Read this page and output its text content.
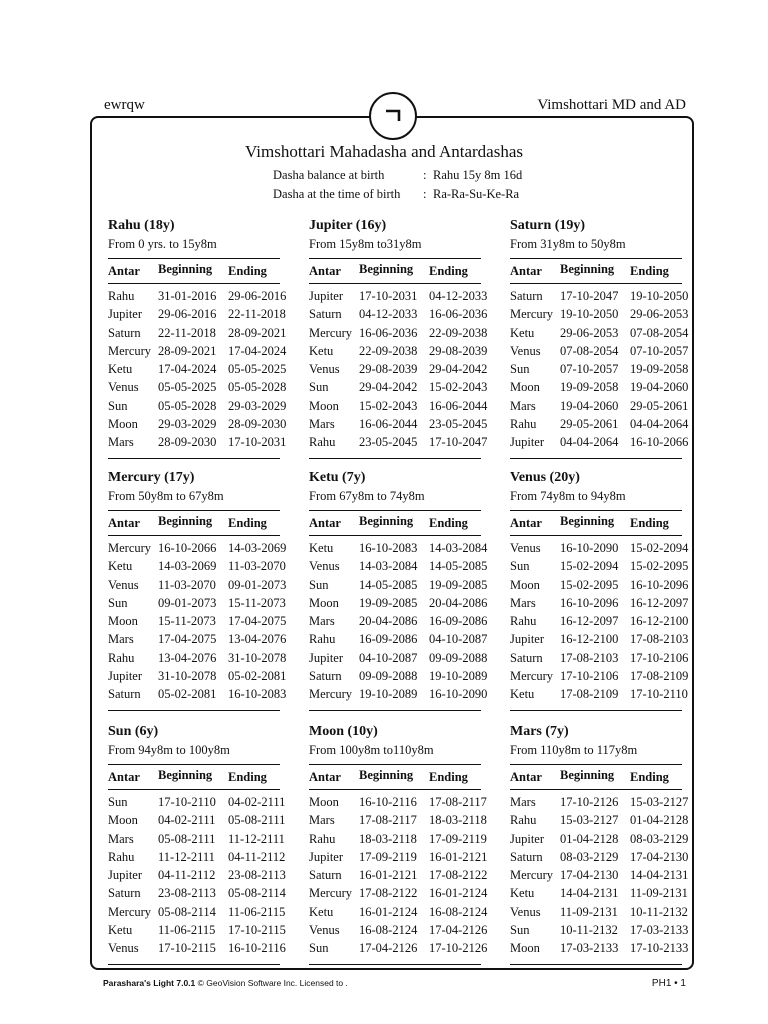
ewrqw	Vimshottari MD and AD
Vimshottari Mahadasha and Antardashas
Dasha balance at birth	: Rahu 15y 8m 16d
Dasha at the time of birth : Ra-Ra-Su-Ke-Ra
Rahu (18y)
From 0 yrs. to 15y8m
Antar Beginning Ending
Rahu 31-01-2016 29-06-2016
Jupiter 29-06-2016 22-11-2018
Saturn 22-11-2018 28-09-2021
Mercury 28-09-2021 17-04-2024
Ketu 17-04-2024 05-05-2025
Venus 05-05-2025 05-05-2028
Sun 05-05-2028 29-03-2029
Moon 29-03-2029 28-09-2030
Mars 28-09-2030 17-10-2031
Jupiter (16y)
From 15y8m to31y8m
Antar Beginning Ending
Jupiter 17-10-2031 04-12-2033
Saturn 04-12-2033 16-06-2036
Mercury 16-06-2036 22-09-2038
Ketu 22-09-2038 29-08-2039
Venus 29-08-2039 29-04-2042
Sun 29-04-2042 15-02-2043
Moon 15-02-2043 16-06-2044
Mars 16-06-2044 23-05-2045
Rahu 23-05-2045 17-10-2047
Saturn (19y)
From 31y8m to 50y8m
Antar Beginning Ending
Saturn 17-10-2047 19-10-2050
Mercury 19-10-2050 29-06-2053
Ketu 29-06-2053 07-08-2054
Venus 07-08-2054 07-10-2057
Sun 07-10-2057 19-09-2058
Moon 19-09-2058 19-04-2060
Mars 19-04-2060 29-05-2061
Rahu 29-05-2061 04-04-2064
Jupiter 04-04-2064 16-10-2066
Mercury (17y)
From 50y8m to 67y8m
Antar Beginning Ending
Mercury 16-10-2066 14-03-2069
Ketu 14-03-2069 11-03-2070
Venus 11-03-2070 09-01-2073
Sun 09-01-2073 15-11-2073
Moon 15-11-2073 17-04-2075
Mars 17-04-2075 13-04-2076
Rahu 13-04-2076 31-10-2078
Jupiter 31-10-2078 05-02-2081
Saturn 05-02-2081 16-10-2083
Ketu (7y)
From 67y8m to 74y8m
Antar Beginning Ending
Ketu 16-10-2083 14-03-2084
Venus 14-03-2084 14-05-2085
Sun 14-05-2085 19-09-2085
Moon 19-09-2085 20-04-2086
Mars 20-04-2086 16-09-2086
Rahu 16-09-2086 04-10-2087
Jupiter 04-10-2087 09-09-2088
Saturn 09-09-2088 19-10-2089
Mercury 19-10-2089 16-10-2090
Venus (20y)
From 74y8m to 94y8m
Antar Beginning Ending
Venus 16-10-2090 15-02-2094
Sun 15-02-2094 15-02-2095
Moon 15-02-2095 16-10-2096
Mars 16-10-2096 16-12-2097
Rahu 16-12-2097 16-12-2100
Jupiter 16-12-2100 17-08-2103
Saturn 17-08-2103 17-10-2106
Mercury 17-10-2106 17-08-2109
Ketu 17-08-2109 17-10-2110
Sun (6y)
From 94y8m to 100y8m
Antar Beginning Ending
Sun 17-10-2110 04-02-2111
Moon 04-02-2111 05-08-2111
Mars 05-08-2111 11-12-2111
Rahu 11-12-2111 04-11-2112
Jupiter 04-11-2112 23-08-2113
Saturn 23-08-2113 05-08-2114
Mercury 05-08-2114 11-06-2115
Ketu 11-06-2115 17-10-2115
Venus 17-10-2115 16-10-2116
Moon (10y)
From 100y8m to110y8m
Antar Beginning Ending
Moon 16-10-2116 17-08-2117
Mars 17-08-2117 18-03-2118
Rahu 18-03-2118 17-09-2119
Jupiter 17-09-2119 16-01-2121
Saturn 16-01-2121 17-08-2122
Mercury 17-08-2122 16-01-2124
Ketu 16-01-2124 16-08-2124
Venus 16-08-2124 17-04-2126
Sun 17-04-2126 17-10-2126
Mars (7y)
From 110y8m to 117y8m
Antar Beginning Ending
Mars 17-10-2126 15-03-2127
Rahu 15-03-2127 01-04-2128
Jupiter 01-04-2128 08-03-2129
Saturn 08-03-2129 17-04-2130
Mercury 17-04-2130 14-04-2131
Ketu 14-04-2131 11-09-2131
Venus 11-09-2131 10-11-2132
Sun 10-11-2132 17-03-2133
Moon 17-03-2133 17-10-2133
Parashara's Light 7.0.1 © GeoVision Software Inc. Licensed to .	PH1 • 1
